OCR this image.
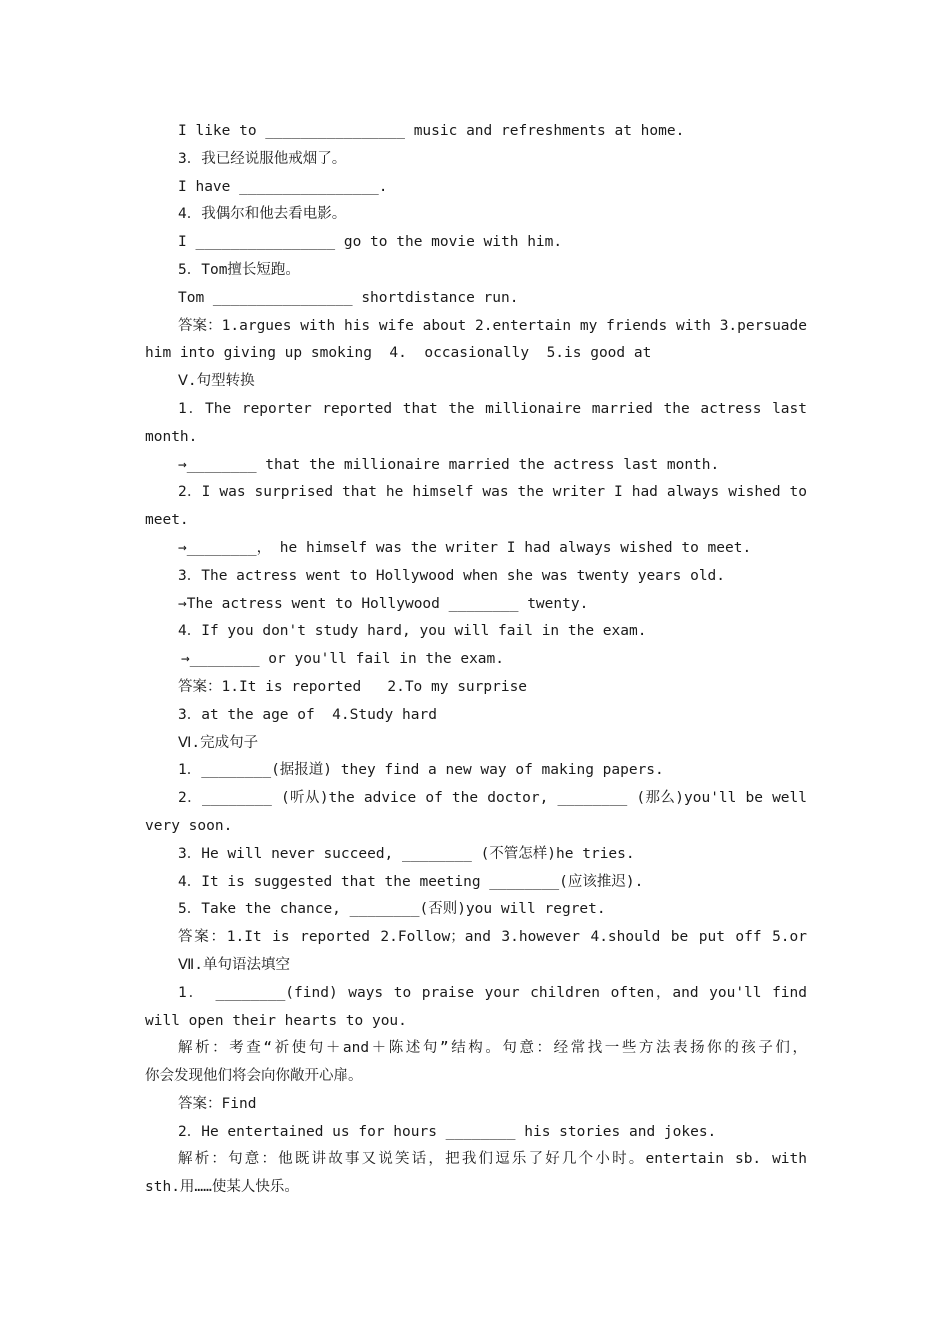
I like to ________________ music and refreshments at home.
3．我已经说服他戒烟了。
I have ________________.
4．我偶尔和他去看电影。
I ________________ go to the movie with him.
5．Tom擅长短跑。
Tom ________________ shortdistance run.
答案：1.argues with his wife about 2.entertain my friends with 3.persuade
him into giving up smoking  4.  occasionally  5.is good at
Ⅴ.句型转换
1．The reporter reported that the millionaire married the actress last
month.
→________ that the millionaire married the actress last month.
2．I was surprised that he himself was the writer I had always wished to
meet.
→________， he himself was the writer I had always wished to meet.
3．The actress went to Hollywood when she was twenty years old.
→The actress went to Hollywood ________ twenty.
4．If you don't study hard, you will fail in the exam.
→________ or you'll fail in the exam.
答案：1.It is reported   2.To my surprise
3．at the age of  4.Study hard
Ⅵ.完成句子
1．________(据报道) they find a new way of making papers.
2．________ (听从)the advice of the doctor, ________ (那么)you'll be well
very soon.
3．He will never succeed, ________ (不管怎样)he tries.
4．It is suggested that the meeting ________(应该推迟).
5．Take the chance, ________(否则)you will regret.
答案：1.It is reported 2.Follow；and 3.however 4.should be put off 5.or
Ⅶ.单句语法填空
1． ________(find) ways to praise your children often，and you'll find
will open their hearts to you.
解析：考查“祈使句＋and＋陈述句”结构。句意：经常找一些方法表扬你的孩子们，
你会发现他们将会向你敞开心扉。
答案：Find
2．He entertained us for hours ________ his stories and jokes.
解析：句意：他既讲故事又说笑话，把我们逗乐了好几个小时。entertain sb. with
sth.用……使某人快乐。
